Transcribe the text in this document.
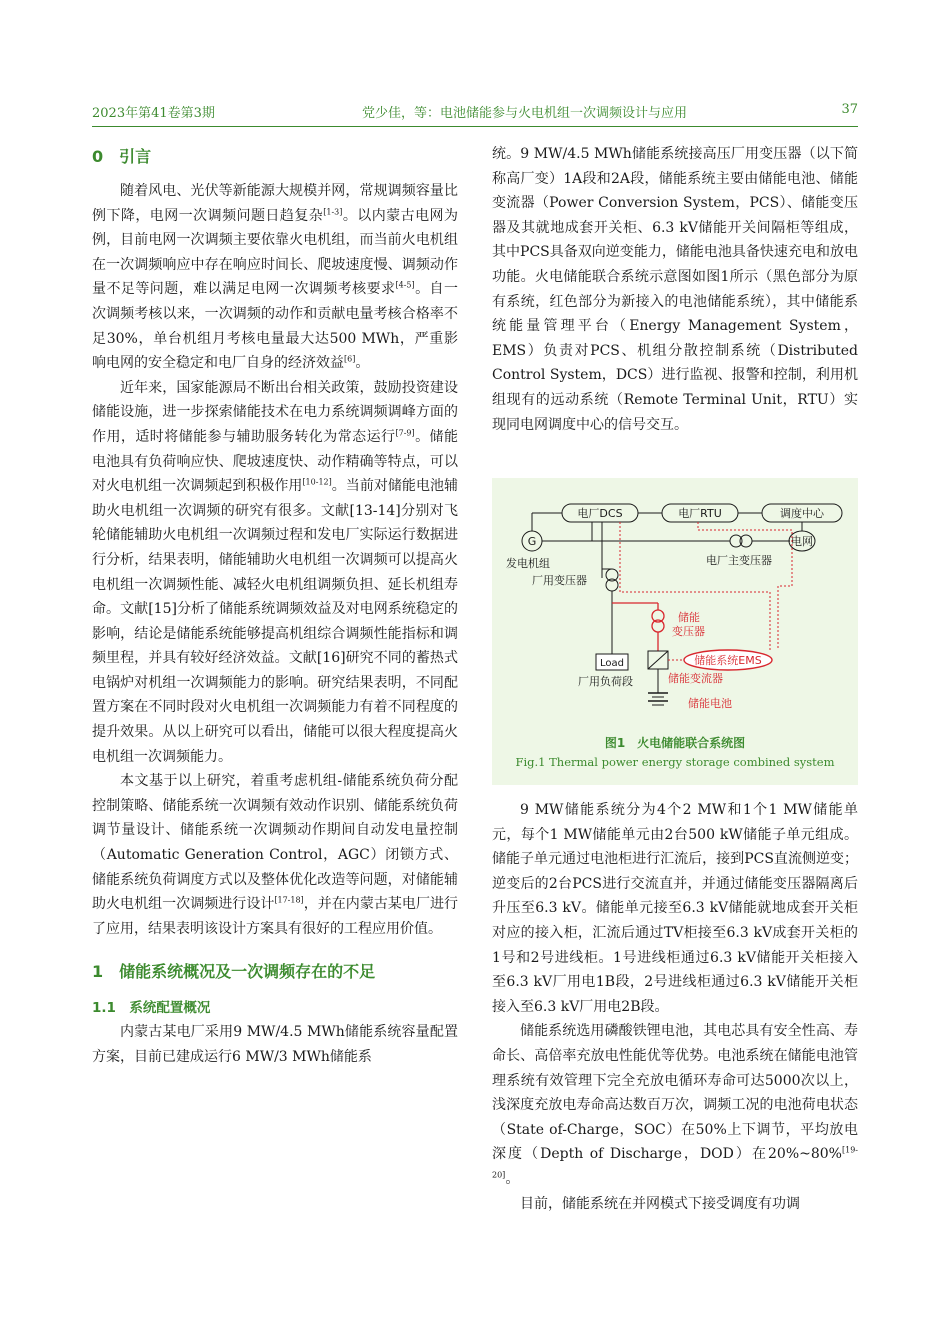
2023年第41卷第3期	党少佳，等：电池储能参与火电机组一次调频设计与应用	37

0　引言

随着风电、光伏等新能源大规模并网，常规调频容量比例下降，电网一次调频问题日趋复杂[1-3]。以内蒙古电网为例，目前电网一次调频主要依靠火电机组，而当前火电机组在一次调频响应中存在响应时间长、爬坡速度慢、调频动作量不足等问题，难以满足电网一次调频考核要求[4-5]。自一次调频考核以来，一次调频的动作和贡献电量考核合格率不足30%，单台机组月考核电量最大达500 MWh，严重影响电网的安全稳定和电厂自身的经济效益[6]。

近年来，国家能源局不断出台相关政策，鼓励投资建设储能设施，进一步探索储能技术在电力系统调频调峰方面的作用，适时将储能参与辅助服务转化为常态运行[7-9]。储能电池具有负荷响应快、爬坡速度快、动作精确等特点，可以对火电机组一次调频起到积极作用[10-12]。当前对储能电池辅助火电机组一次调频的研究有很多。文献[13-14]分别对飞轮储能辅助火电机组一次调频过程和发电厂实际运行数据进行分析，结果表明，储能辅助火电机组一次调频可以提高火电机组一次调频性能、减轻火电机组调频负担、延长机组寿命。文献[15]分析了储能系统调频效益及对电网系统稳定的影响，结论是储能系统能够提高机组综合调频性能指标和调频里程，并具有较好经济效益。文献[16]研究不同的蓄热式电锅炉对机组一次调频能力的影响。研究结果表明，不同配置方案在不同时段对火电机组一次调频能力有着不同程度的提升效果。从以上研究可以看出，储能可以很大程度提高火电机组一次调频能力。

本文基于以上研究，着重考虑机组-储能系统负荷分配控制策略、储能系统一次调频有效动作识别、储能系统负荷调节量设计、储能系统一次调频动作期间自动发电量控制（Automatic Generation Control，AGC）闭锁方式、储能系统负荷调度方式以及整体优化改造等问题，对储能辅助火电机组一次调频进行设计[17-18]，并在内蒙古某电厂进行了应用，结果表明该设计方案具有很好的工程应用价值。

1　储能系统概况及一次调频存在的不足

1.1　系统配置概况

内蒙古某电厂采用9 MW/4.5 MWh储能系统容量配置方案，目前已建成运行6 MW/3 MWh储能系

统。9 MW/4.5 MWh储能系统接高压厂用变压器（以下简称高厂变）1A段和2A段，储能系统主要由储能电池、储能变流器（Power Conversion System，PCS）、储能变压器及其就地成套开关柜、6.3 kV储能开关间隔柜等组成，其中PCS具备双向逆变能力，储能电池具备快速充电和放电功能。火电储能联合系统示意图如图1所示（黑色部分为原有系统，红色部分为新接入的电池储能系统），其中储能系统能量管理平台（Energy Management System，EMS）负责对PCS、机组分散控制系统（Distributed Control System，DCS）进行监视、报警和控制，利用机组现有的远动系统（Remote Terminal Unit，RTU）实现同电网调度中心的信号交互。

电厂DCS	电厂RTU	调度中心
G
发电机组	电厂主变压器
电网
厂用变压器
Load
厂用负荷段
储能
变压器
储能变流器
储能电池
储能系统EMS
图1　火电储能联合系统图
Fig.1 Thermal power energy storage combined system

9 MW储能系统分为4个2 MW和1个1 MW储能单元，每个1 MW储能单元由2台500 kW储能子单元组成。储能子单元通过电池柜进行汇流后，接到PCS直流侧逆变；逆变后的2台PCS进行交流直并，并通过储能变压器隔离后升压至6.3 kV。储能单元接至6.3 kV储能就地成套开关柜对应的接入柜，汇流后通过TV柜接至6.3 kV成套开关柜的1号和2号进线柜。1号进线柜通过6.3 kV储能开关柜接入至6.3 kV厂用电1B段，2号进线柜通过6.3 kV储能开关柜接入至6.3 kV厂用电2B段。

储能系统选用磷酸铁锂电池，其电芯具有安全性高、寿命长、高倍率充放电性能优等优势。电池系统在储能电池管理系统有效管理下完全充放电循环寿命可达5000次以上，浅深度充放电寿命高达数百万次，调频工况的电池荷电状态（State of-Charge，SOC）在50%上下调节，平均放电深度（Depth of Discharge，DOD）在20%~80%[19-20]。

目前，储能系统在并网模式下接受调度有功调
